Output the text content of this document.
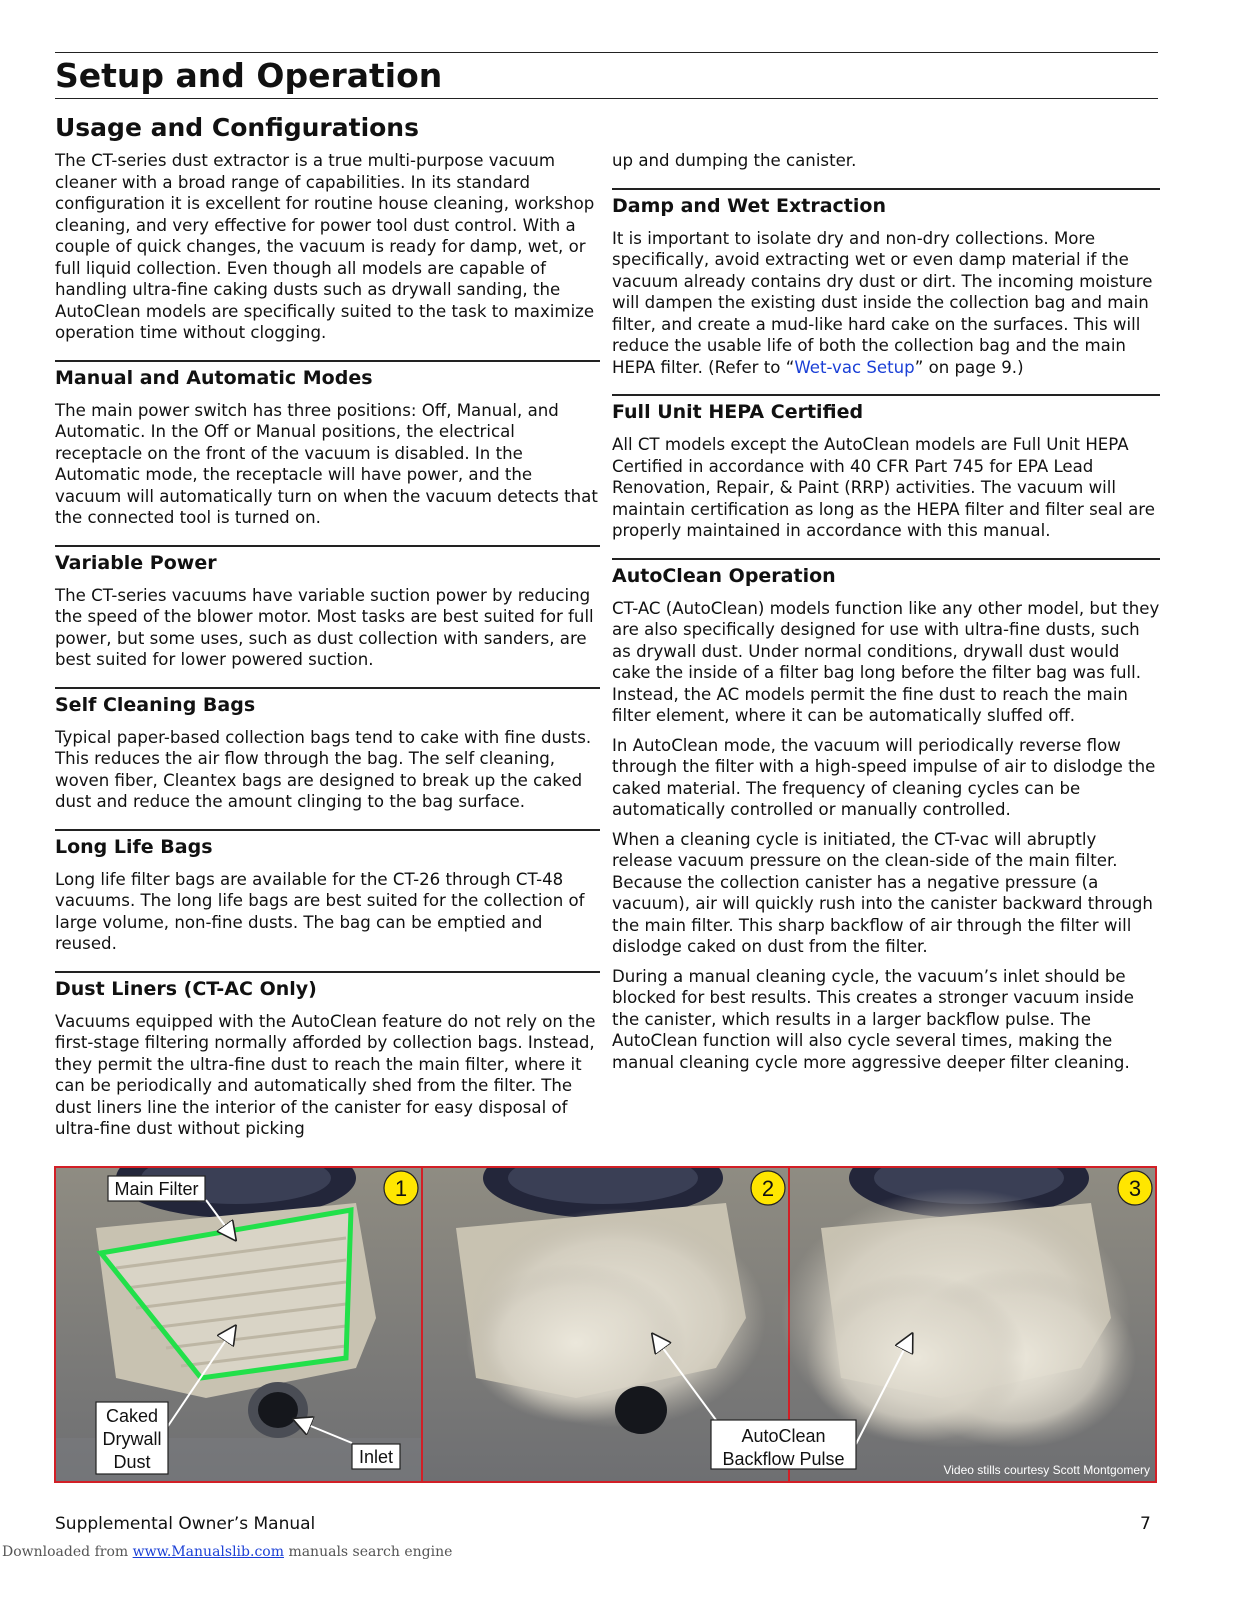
Setup and Operation
Usage and Configurations

The CT-series dust extractor is a true multi-purpose vacuum cleaner with a broad range of capabilities. In its standard configuration it is excellent for routine house cleaning, workshop cleaning, and very effective for power tool dust control. With a couple of quick changes, the vacuum is ready for damp, wet, or full liquid collection. Even though all models are capable of handling ultra-fine caking dusts such as drywall sanding, the AutoClean models are specifically suited to the task to maximize operation time without clogging.

Manual and Automatic Modes

The main power switch has three positions: Off, Manual, and Automatic. In the Off or Manual positions, the electrical receptacle on the front of the vacuum is disabled. In the Automatic mode, the receptacle will have power, and the vacuum will automatically turn on when the vacuum detects that the connected tool is turned on.

Variable Power

The CT-series vacuums have variable suction power by reducing the speed of the blower motor. Most tasks are best suited for full power, but some uses, such as dust collection with sanders, are best suited for lower powered suction.

Self Cleaning Bags

Typical paper-based collection bags tend to cake with fine dusts. This reduces the air flow through the bag. The self cleaning, woven fiber, Cleantex bags are designed to break up the caked dust and reduce the amount clinging to the bag surface.

Long Life Bags

Long life filter bags are available for the CT-26 through CT-48 vacuums. The long life bags are best suited for the collection of large volume, non-fine dusts. The bag can be emptied and reused.

Dust Liners (CT-AC Only)

Vacuums equipped with the AutoClean feature do not rely on the first-stage filtering normally afforded by collection bags. Instead, they permit the ultra-fine dust to reach the main filter, where it can be periodically and automatically shed from the filter. The dust liners line the interior of the canister for easy disposal of ultra-fine dust without picking

up and dumping the canister.

Damp and Wet Extraction

It is important to isolate dry and non-dry collections. More specifically, avoid extracting wet or even damp material if the vacuum already contains dry dust or dirt. The incoming moisture will dampen the existing dust inside the collection bag and main filter, and create a mud-like hard cake on the surfaces. This will reduce the usable life of both the collection bag and the main HEPA filter. (Refer to “Wet-vac Setup” on page 9.)

Full Unit HEPA Certified

All CT models except the AutoClean models are Full Unit HEPA Certified in accordance with 40 CFR Part 745 for EPA Lead Renovation, Repair, & Paint (RRP) activities. The vacuum will maintain certification as long as the HEPA filter and filter seal are properly maintained in accordance with this manual.

AutoClean Operation

CT-AC (AutoClean) models function like any other model, but they are also specifically designed for use with ultra-fine dusts, such as drywall dust. Under normal conditions, drywall dust would cake the inside of a filter bag long before the filter bag was full. Instead, the AC models permit the fine dust to reach the main filter element, where it can be automatically sluffed off.

In AutoClean mode, the vacuum will periodically reverse flow through the filter with a high-speed impulse of air to dislodge the caked material. The frequency of cleaning cycles can be automatically controlled or manually controlled.

When a cleaning cycle is initiated, the CT-vac will abruptly release vacuum pressure on the clean-side of the main filter. Because the collection canister has a negative pressure (a vacuum), air will quickly rush into the canister backward through the main filter. This sharp backflow of air through the filter will dislodge caked on dust from the filter.

During a manual cleaning cycle, the vacuum’s inlet should be blocked for best results. This creates a stronger vacuum inside the canister, which results in a larger backflow pulse. The AutoClean function will also cycle several times, making the manual cleaning cycle more aggressive deeper filter cleaning.

Main Filter
Caked
Drywall
Dust	Inlet
1	2	3
Video stills courtesy Scott Montgomery
AutoClean
Backflow Pulse
Supplemental Owner’s Manual	7
Downloaded from www.Manualslib.com manuals search engine
